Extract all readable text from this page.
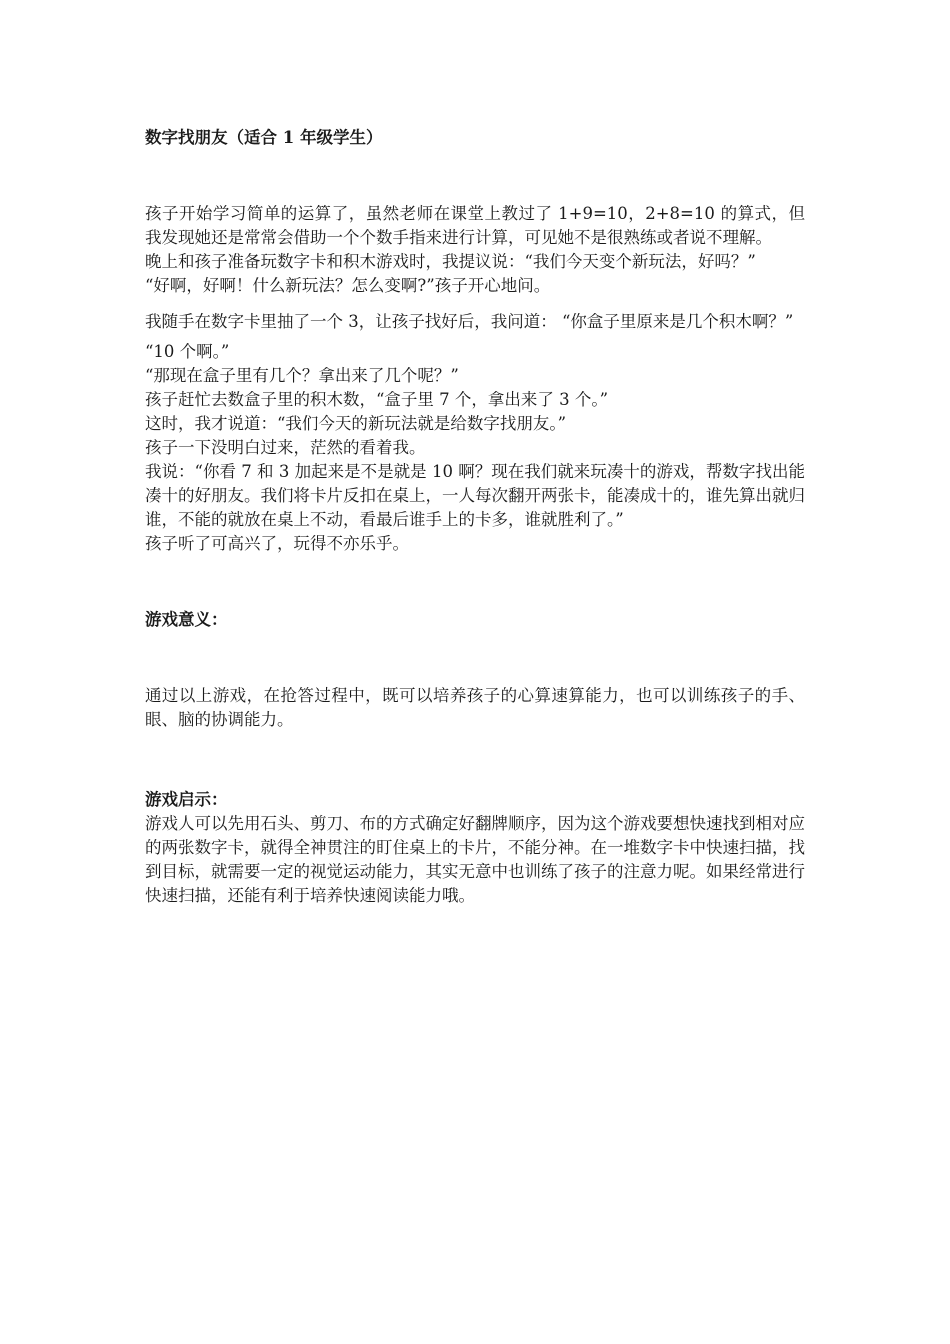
数字找朋友（适合 1 年级学生）

孩子开始学习简单的运算了，虽然老师在课堂上教过了 1+9=10，2+8=10 的算式，但我发现她还是常常会借助一个个数手指来进行计算，可见她不是很熟练或者说不理解。

晚上和孩子准备玩数字卡和积木游戏时，我提议说：“我们今天变个新玩法，好吗？”

“好啊，好啊！什么新玩法？怎么变啊?”孩子开心地问。

我随手在数字卡里抽了一个 3，让孩子找好后，我问道： “你盒子里原来是几个积木啊？”

“10 个啊。”

“那现在盒子里有几个？拿出来了几个呢？”

孩子赶忙去数盒子里的积木数，“盒子里 7 个，拿出来了 3 个。”

这时，我才说道：“我们今天的新玩法就是给数字找朋友。”

孩子一下没明白过来，茫然的看着我。

我说：“你看 7 和 3 加起来是不是就是 10 啊？现在我们就来玩凑十的游戏，帮数字找出能凑十的好朋友。我们将卡片反扣在桌上，一人每次翻开两张卡，能凑成十的，谁先算出就归谁，不能的就放在桌上不动，看最后谁手上的卡多，谁就胜利了。”

孩子听了可高兴了，玩得不亦乐乎。

游戏意义：

通过以上游戏，在抢答过程中，既可以培养孩子的心算速算能力，也可以训练孩子的手、眼、脑的协调能力。

游戏启示：

游戏人可以先用石头、剪刀、布的方式确定好翻牌顺序，因为这个游戏要想快速找到相对应的两张数字卡，就得全神贯注的盯住桌上的卡片，不能分神。在一堆数字卡中快速扫描，找到目标，就需要一定的视觉运动能力，其实无意中也训练了孩子的注意力呢。如果经常进行快速扫描，还能有利于培养快速阅读能力哦。
